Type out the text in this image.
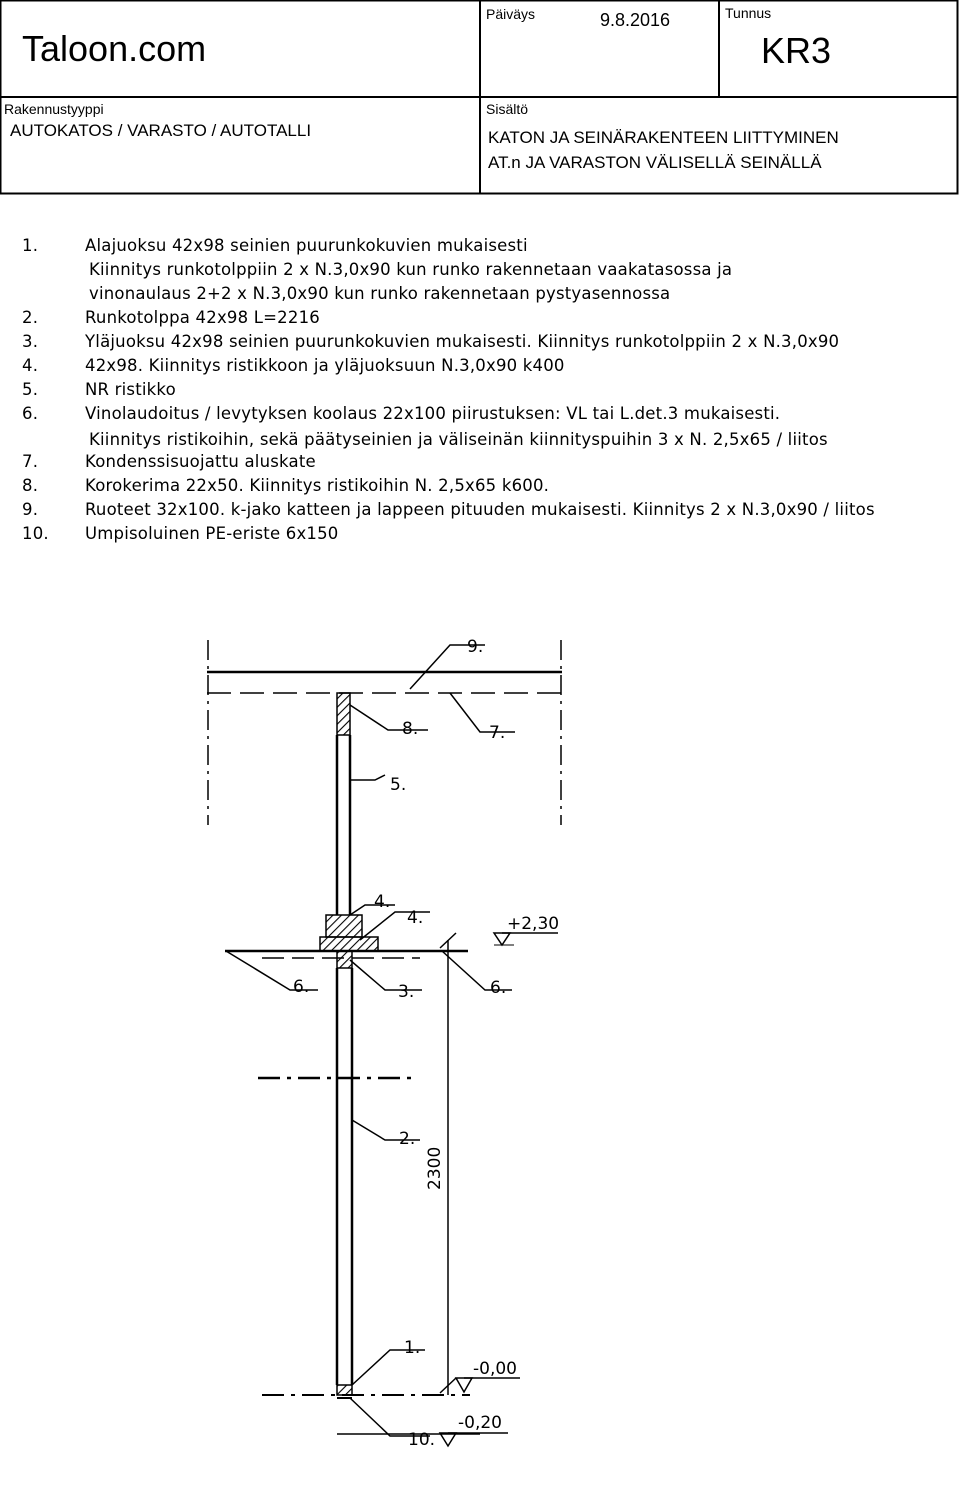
Taloon.com
Päiväys	9.8.2016	Tunnus
KR3
Rakennustyyppi
AUTOKATOS / VARASTO / AUTOTALLI
Sisältö
KATON JA SEINÄRAKENTEEN LIITTYMINEN
AT.n JA VARASTON VÄLISELLÄ SEINÄLLÄ
1.	Alajuoksu 42x98 seinien puurunkokuvien mukaisesti
Kiinnitys runkotolppiin 2 x N.3,0x90 kun runko rakennetaan vaakatasossa ja
vinonaulaus 2+2 x N.3,0x90 kun runko rakennetaan pystyasennossa
2.	Runkotolppa 42x98 L=2216
3.	Yläjuoksu 42x98 seinien puurunkokuvien mukaisesti. Kiinnitys runkotolppiin 2 x N.3,0x90
4.	42x98. Kiinnitys ristikkoon ja yläjuoksuun N.3,0x90 k400
5.	NR ristikko
6.	Vinolaudoitus / levytyksen koolaus 22x100 piirustuksen: VL tai L.det.3 mukaisesti.
Kiinnitys ristikoihin, sekä päätyseinien ja väliseinän kiinnityspuihin 3 x N. 2,5x65 / liitos
7.	Kondenssisuojattu aluskate
8.	Korokerima 22x50. Kiinnitys ristikoihin N. 2,5x65 k600.
9.	Ruoteet 32x100. k-jako katteen ja lappeen pituuden mukaisesti. Kiinnitys 2 x N.3,0x90 / liitos
10. Umpisoluinen PE-eriste 6x150
9.
8.	7.
5.
4.
4.	+2,30
6.	3.	6.
2.
2300
1.
-0,00
-0,20
10.
